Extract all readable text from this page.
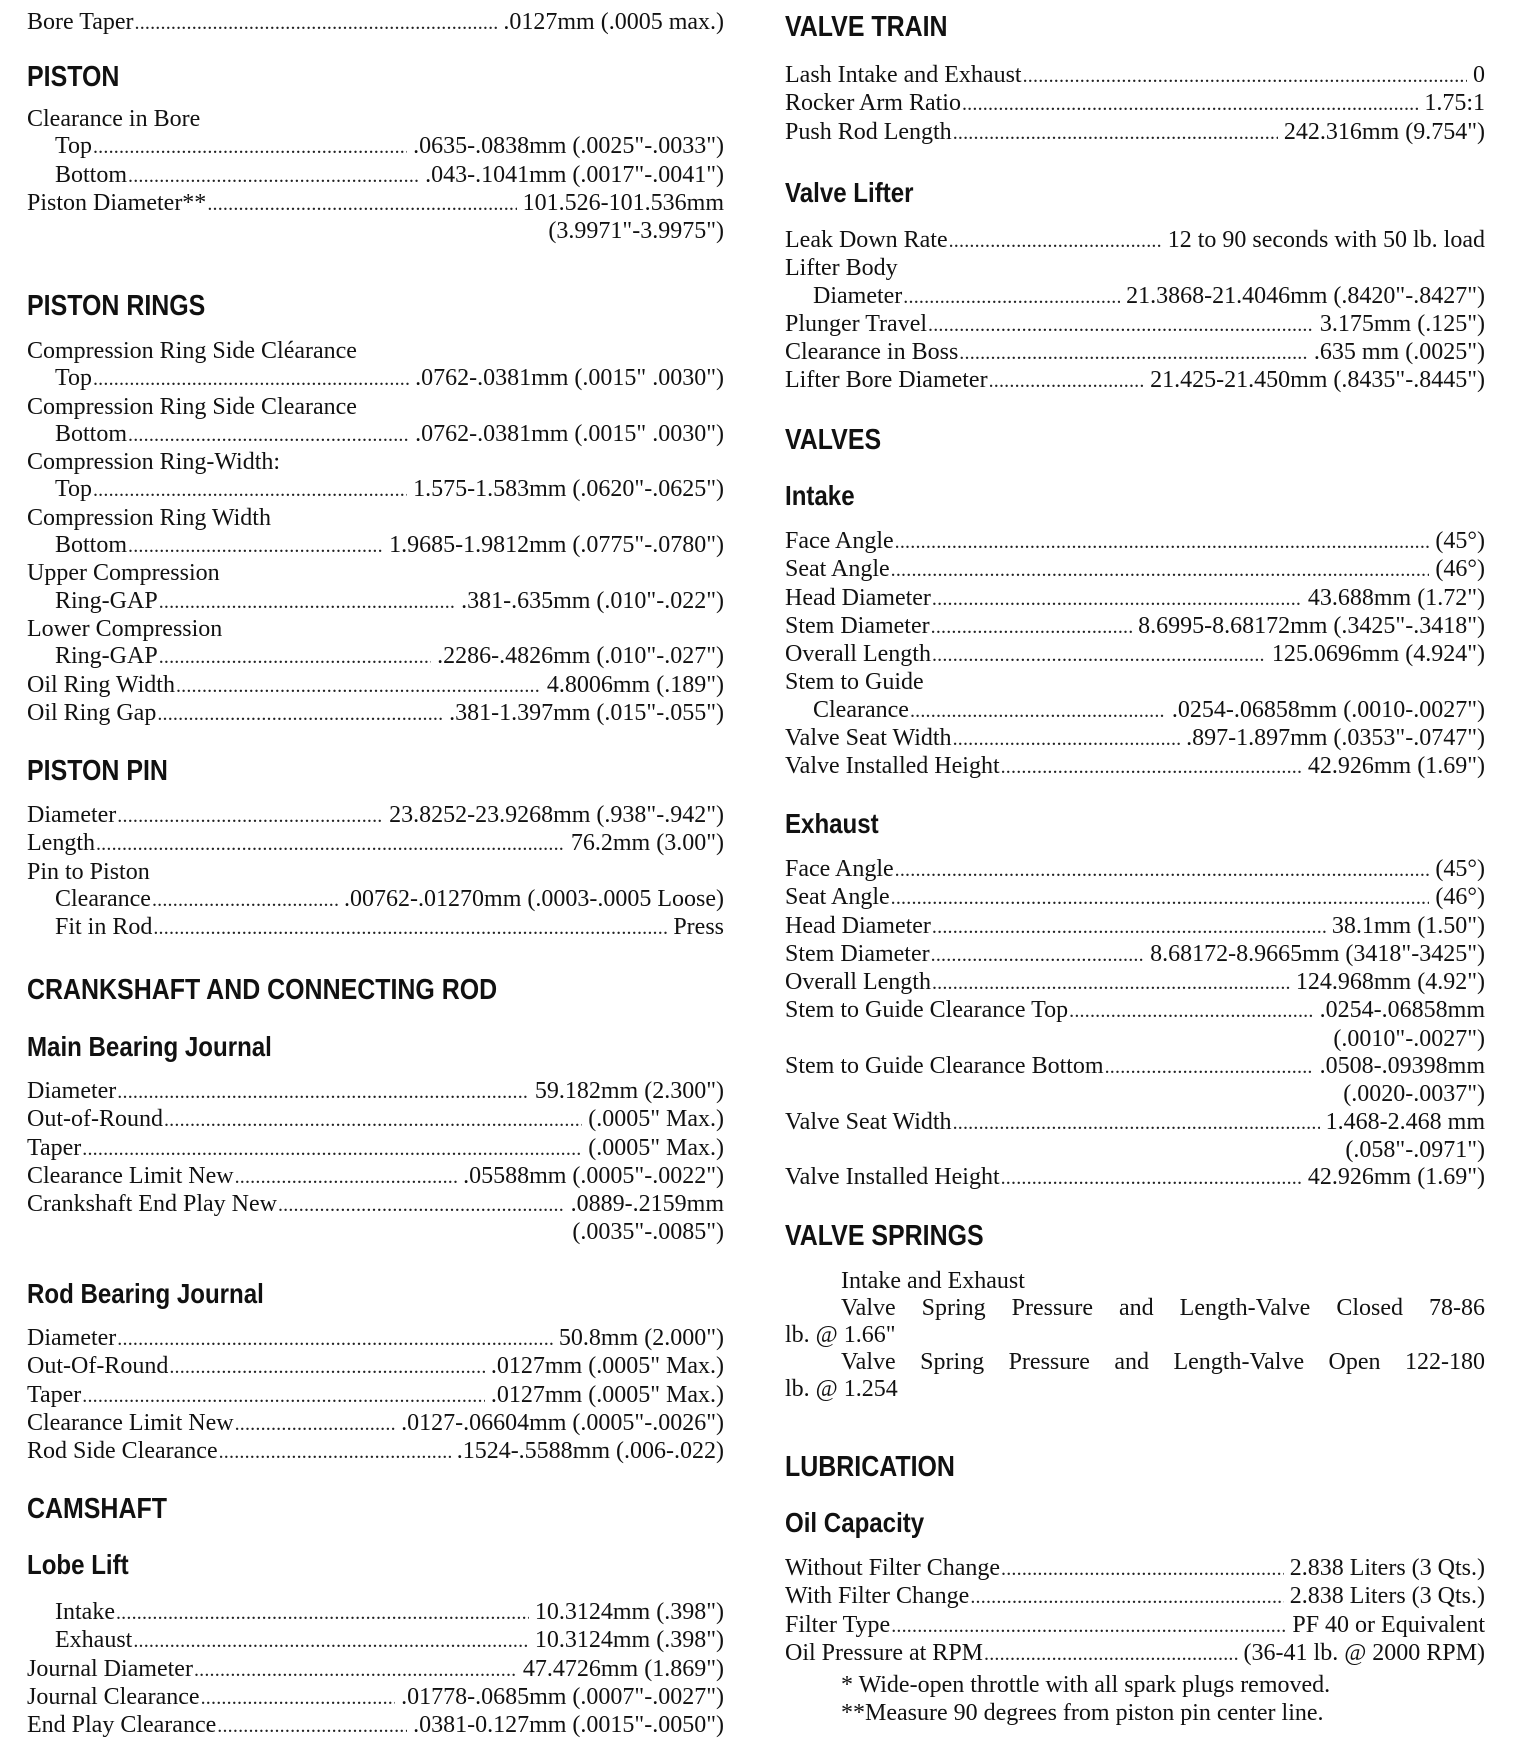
Bore Taper . . .	.0127mm (.0005 max.)
PISTON
Clearance in Bore
Top . . .	.0635-.0838mm (.0025"-.0033")
Bottom . . .	.043-.1041mm (.0017"-.0041")
Piston Diameter** . . .	101.526-101.536mm
(3.9971"-3.9975")
PISTON RINGS
Compression Ring Side Cléarance
Top . . .	.0762-.0381mm (.0015" .0030")
Compression Ring Side Clearance
Bottom . . .	.0762-.0381mm (.0015" .0030")
Compression Ring-Width:
Top . . .	1.575-1.583mm (.0620"-.0625")
Compression Ring Width
Bottom . . .	1.9685-1.9812mm (.0775"-.0780")
Upper Compression
Ring-GAP . . .	.381-.635mm (.010"-.022")
Lower Compression
Ring-GAP . . .	.2286-.4826mm (.010"-.027")
Oil Ring Width . . .	4.8006mm (.189")
Oil Ring Gap . . .	.381-1.397mm (.015"-.055")
PISTON PIN
Diameter . . .	23.8252-23.9268mm (.938"-.942")
Length . . .	76.2mm (3.00")
Pin to Piston
Clearance . . .	.00762-.01270mm (.0003-.0005 Loose)
Fit in Rod . . .	Press
CRANKSHAFT AND CONNECTING ROD
Main Bearing Journal
Diameter . . .	59.182mm (2.300")
Out-of-Round . . .	(.0005" Max.)
Taper . . .	(.0005" Max.)
Clearance Limit New . . .	.05588mm (.0005"-.0022")
Crankshaft End Play New . . .	.0889-.2159mm
(.0035"-.0085")
Rod Bearing Journal
Diameter . . .	50.8mm (2.000")
Out-Of-Round . . .	.0127mm (.0005" Max.)
Taper . . .	.0127mm (.0005" Max.)
Clearance Limit New . . .	.0127-.06604mm (.0005"-.0026")
Rod Side Clearance . . .	.1524-.5588mm (.006-.022)
CAMSHAFT
Lobe Lift
Intake . . .	10.3124mm (.398")
Exhaust . . .	10.3124mm (.398")
Journal Diameter . . .	47.4726mm (1.869")
Journal Clearance . . .	.01778-.0685mm (.0007"-.0027")
End Play Clearance . . .	.0381-0.127mm (.0015"-.0050")
VALVE TRAIN
Lash Intake and Exhaust . . .	0
Rocker Arm Ratio . . .	1.75:1
Push Rod Length . . .	242.316mm (9.754")
Valve Lifter
Leak Down Rate . . .	12 to 90 seconds with 50 lb. load
Lifter Body
Diameter . . .	21.3868-21.4046mm (.8420"-.8427")
Plunger Travel . . .	3.175mm (.125")
Clearance in Boss . . .	.635 mm (.0025")
Lifter Bore Diameter . . .	21.425-21.450mm (.8435"-.8445")
VALVES
Intake
Face Angle . . .	(45°)
Seat Angle . . .	(46°)
Head Diameter . . .	43.688mm (1.72")
Stem Diameter . . .	8.6995-8.68172mm (.3425"-.3418")
Overall Length . . .	125.0696mm (4.924")
Stem to Guide
Clearance . . .	.0254-.06858mm (.0010-.0027")
Valve Seat Width . . .	.897-1.897mm (.0353"-.0747")
Valve Installed Height . . .	42.926mm (1.69")
Exhaust
Face Angle . . .	(45°)
Seat Angle . . .	(46°)
Head Diameter . . .	38.1mm (1.50")
Stem Diameter . . .	8.68172-8.9665mm (3418"-3425")
Overall Length . . .	124.968mm (4.92")
Stem to Guide Clearance Top . . .	.0254-.06858mm
(.0010"-.0027")
Stem to Guide Clearance Bottom . . .	.0508-.09398mm
(.0020-.0037")
Valve Seat Width . . .	1.468-2.468 mm
(.058"-.0971")
Valve Installed Height . . .	42.926mm (1.69")
VALVE SPRINGS
Intake and Exhaust
Valve Spring Pressure and Length-Valve Closed 78-86
lb. @ 1.66"
Valve Spring Pressure and Length-Valve Open 122-180
lb. @ 1.254
LUBRICATION
Oil Capacity
Without Filter Change . . .	2.838 Liters (3 Qts.)
With Filter Change . . .	2.838 Liters (3 Qts.)
Filter Type . . .	PF 40 or Equivalent
Oil Pressure at RPM . . .	(36-41 lb. @ 2000 RPM)
* Wide-open throttle with all spark plugs removed.
**Measure 90 degrees from piston pin center line.
